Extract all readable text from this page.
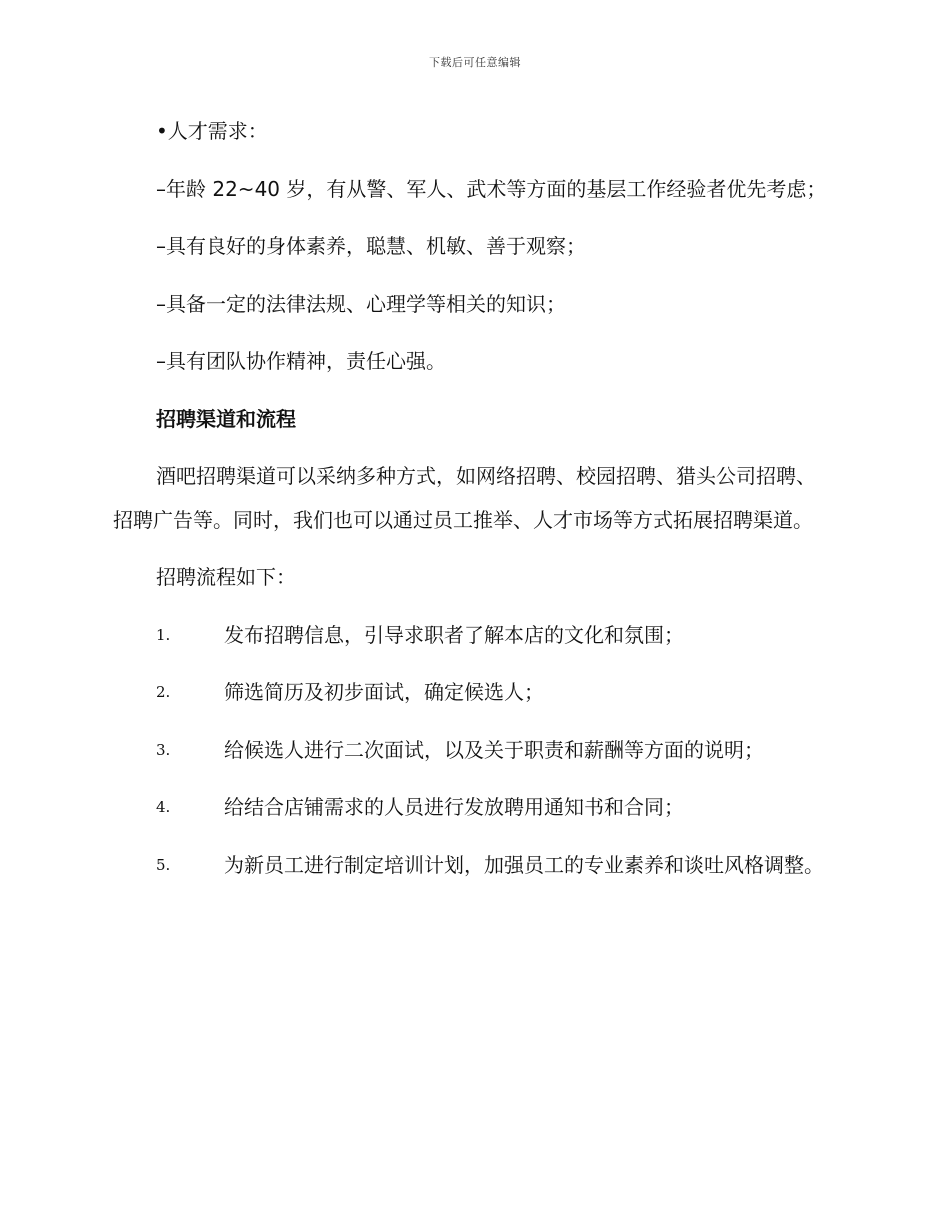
下载后可任意编辑

•人才需求：

–年龄 22~40 岁，有从警、军人、武术等方面的基层工作经验者优先考虑；

–具有良好的身体素养，聪慧、机敏、善于观察；

–具备一定的法律法规、心理学等相关的知识；

–具有团队协作精神，责任心强。

招聘渠道和流程

酒吧招聘渠道可以采纳多种方式，如网络招聘、校园招聘、猎头公司招聘、招聘广告等。同时，我们也可以通过员工推举、人才市场等方式拓展招聘渠道。

招聘流程如下：

1.	发布招聘信息，引导求职者了解本店的文化和氛围；
2.	筛选简历及初步面试，确定候选人；
3.	给候选人进行二次面试，以及关于职责和薪酬等方面的说明；
4.	给结合店铺需求的人员进行发放聘用通知书和合同；
5.	为新员工进行制定培训计划，加强员工的专业素养和谈吐风格调整。
